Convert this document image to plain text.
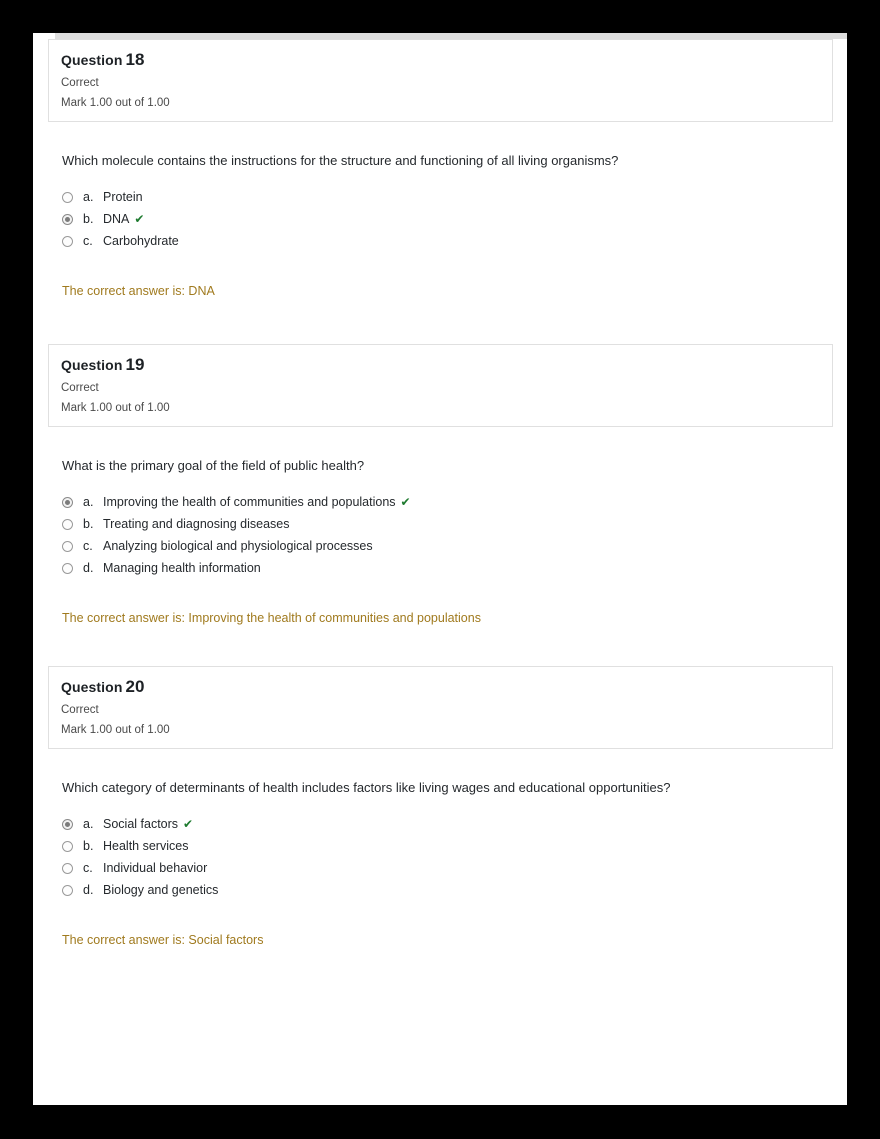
Question 18
Correct
Mark 1.00 out of 1.00
Which molecule contains the instructions for the structure and functioning of all living organisms?
a. Protein
b. DNA ✔
c. Carbohydrate
The correct answer is: DNA
Question 19
Correct
Mark 1.00 out of 1.00
What is the primary goal of the field of public health?
a. Improving the health of communities and populations ✔
b. Treating and diagnosing diseases
c. Analyzing biological and physiological processes
d. Managing health information
The correct answer is: Improving the health of communities and populations
Question 20
Correct
Mark 1.00 out of 1.00
Which category of determinants of health includes factors like living wages and educational opportunities?
a. Social factors ✔
b. Health services
c. Individual behavior
d. Biology and genetics
The correct answer is: Social factors
